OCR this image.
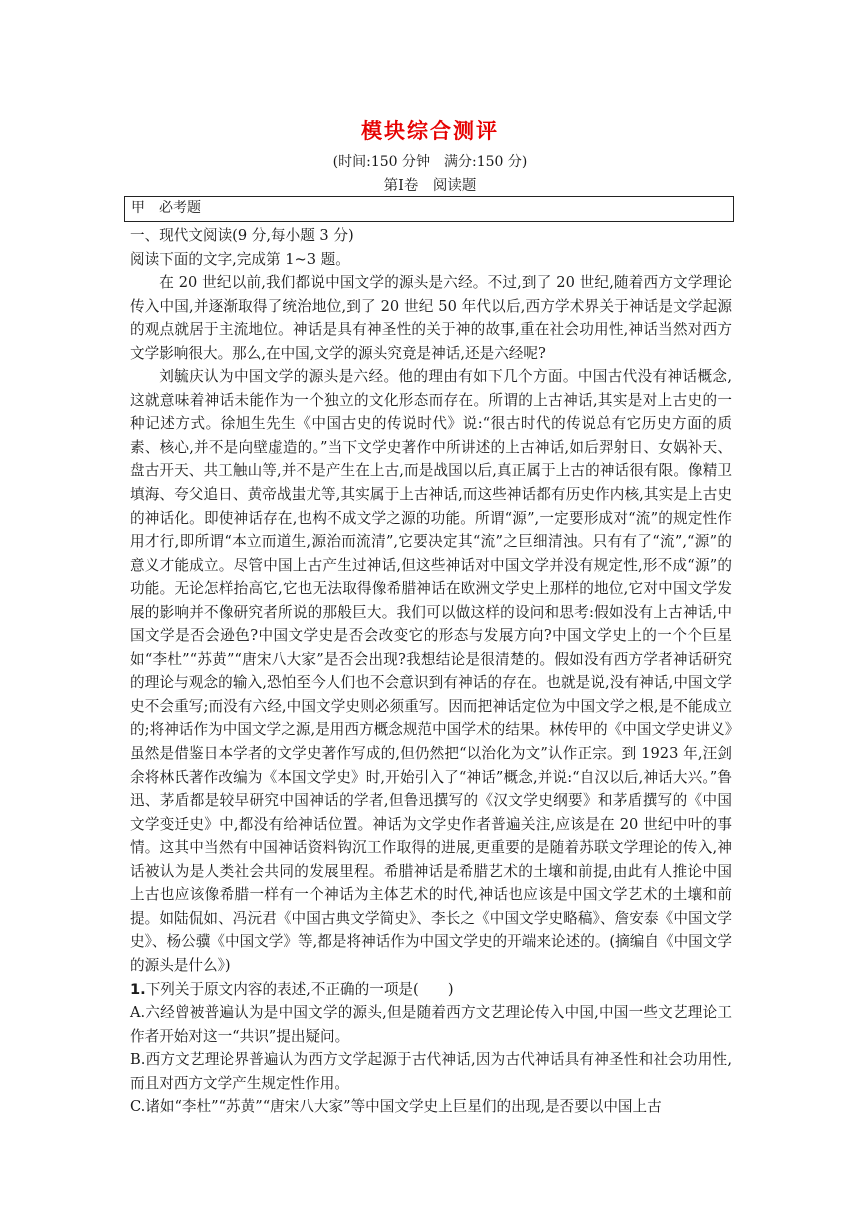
模块综合测评
(时间:150 分钟　满分:150 分)
第Ⅰ卷　阅读题
甲　必考题

一、现代文阅读(9 分,每小题 3 分)

阅读下面的文字,完成第 1~3 题。

在 20 世纪以前,我们都说中国文学的源头是六经。不过,到了 20 世纪,随着西方文学理论传入中国,并逐渐取得了统治地位,到了 20 世纪 50 年代以后,西方学术界关于神话是文学起源的观点就居于主流地位。神话是具有神圣性的关于神的故事,重在社会功用性,神话当然对西方文学影响很大。那么,在中国,文学的源头究竟是神话,还是六经呢?

刘毓庆认为中国文学的源头是六经。他的理由有如下几个方面。中国古代没有神话概念,这就意味着神话未能作为一个独立的文化形态而存在。所谓的上古神话,其实是对上古史的一种记述方式。徐旭生先生《中国古史的传说时代》说:“很古时代的传说总有它历史方面的质素、核心,并不是向壁虚造的。”当下文学史著作中所讲述的上古神话,如后羿射日、女娲补天、盘古开天、共工触山等,并不是产生在上古,而是战国以后,真正属于上古的神话很有限。像精卫填海、夸父追日、黄帝战蚩尤等,其实属于上古神话,而这些神话都有历史作内核,其实是上古史的神话化。即使神话存在,也构不成文学之源的功能。所谓“源”,一定要形成对“流”的规定性作用才行,即所谓“本立而道生,源治而流清”,它要决定其“流”之巨细清浊。只有有了“流”,“源”的意义才能成立。尽管中国上古产生过神话,但这些神话对中国文学并没有规定性,形不成“源”的功能。无论怎样抬高它,它也无法取得像希腊神话在欧洲文学史上那样的地位,它对中国文学发展的影响并不像研究者所说的那般巨大。我们可以做这样的设问和思考:假如没有上古神话,中国文学是否会逊色?中国文学史是否会改变它的形态与发展方向?中国文学史上的一个个巨星如“李杜”“苏黄”“唐宋八大家”是否会出现?我想结论是很清楚的。假如没有西方学者神话研究的理论与观念的输入,恐怕至今人们也不会意识到有神话的存在。也就是说,没有神话,中国文学史不会重写;而没有六经,中国文学史则必须重写。因而把神话定位为中国文学之根,是不能成立的;将神话作为中国文学之源,是用西方概念规范中国学术的结果。林传甲的《中国文学史讲义》虽然是借鉴日本学者的文学史著作写成的,但仍然把“以治化为文”认作正宗。到 1923 年,汪剑余将林氏著作改编为《本国文学史》时,开始引入了“神话”概念,并说:“自汉以后,神话大兴。”鲁迅、茅盾都是较早研究中国神话的学者,但鲁迅撰写的《汉文学史纲要》和茅盾撰写的《中国文学变迁史》中,都没有给神话位置。神话为文学史作者普遍关注,应该是在 20 世纪中叶的事情。这其中当然有中国神话资料钩沉工作取得的进展,更重要的是随着苏联文学理论的传入,神话被认为是人类社会共同的发展里程。希腊神话是希腊艺术的土壤和前提,由此有人推论中国上古也应该像希腊一样有一个神话为主体艺术的时代,神话也应该是中国文学艺术的土壤和前提。如陆侃如、冯沅君《中国古典文学简史》、李长之《中国文学史略稿》、詹安泰《中国文学史》、杨公骥《中国文学》等,都是将神话作为中国文学史的开端来论述的。(摘编自《中国文学的源头是什么》)

1.下列关于原文内容的表述,不正确的一项是(　　)

A.六经曾被普遍认为是中国文学的源头,但是随着西方文艺理论传入中国,中国一些文艺理论工作者开始对这一“共识”提出疑问。

B.西方文艺理论界普遍认为西方文学起源于古代神话,因为古代神话具有神圣性和社会功用性,而且对西方文学产生规定性作用。

C.诸如“李杜”“苏黄”“唐宋八大家”等中国文学史上巨星们的出现,是否要以中国上古
